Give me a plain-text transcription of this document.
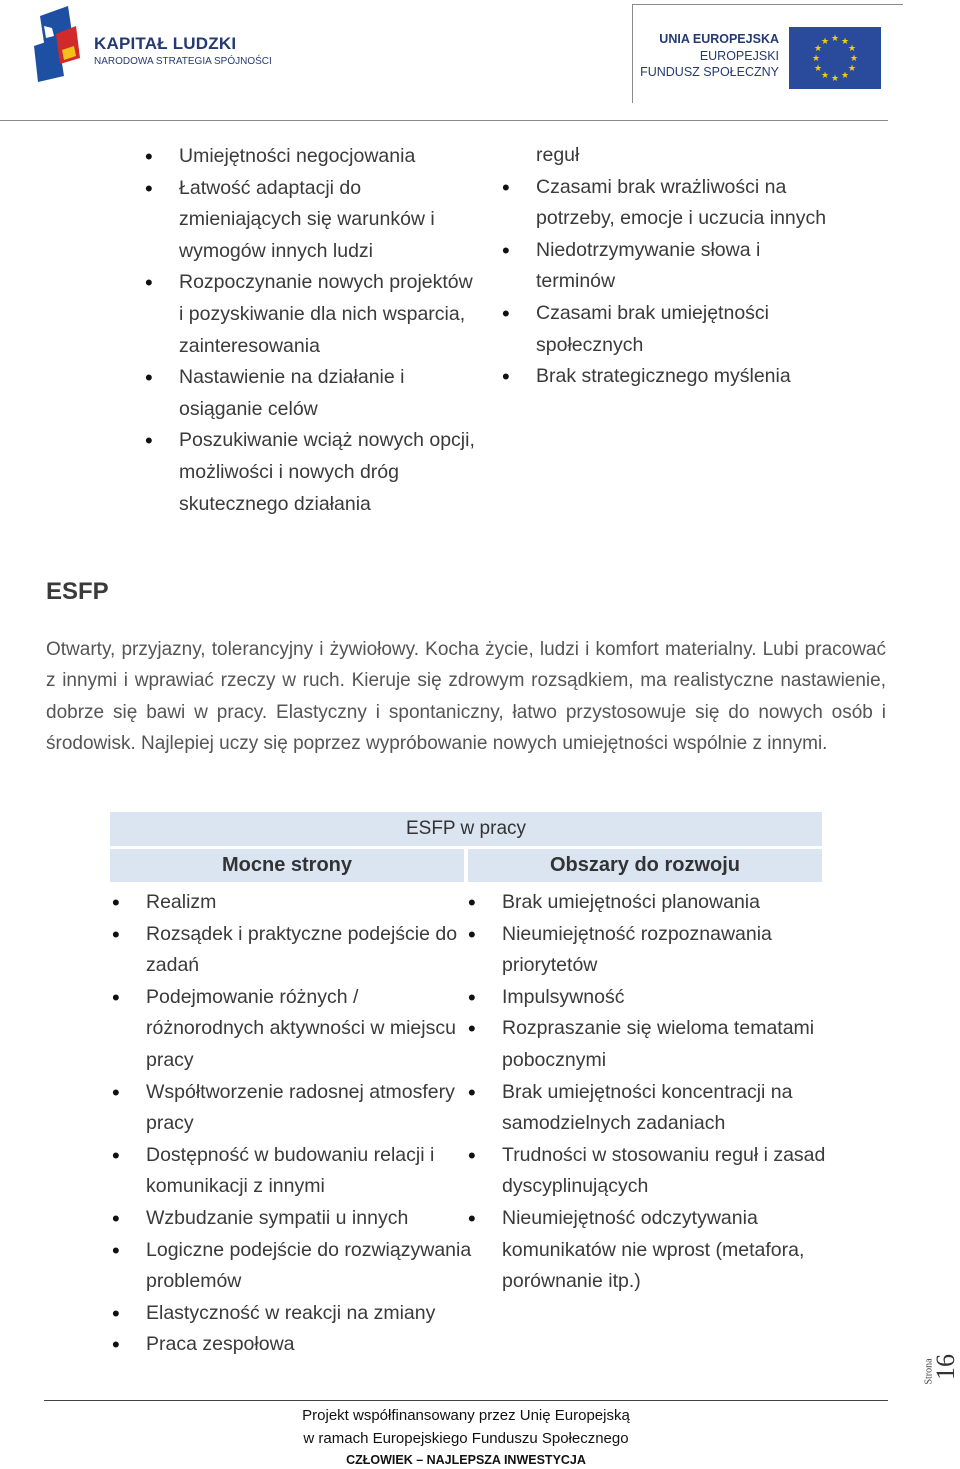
KAPITAŁ LUDZKI
NARODOWA STRATEGIA SPÓJNOŚCI
UNIA EUROPEJSKA
EUROPEJSKI
FUNDUSZ SPOŁECZNY
★ ★
★
★
★
★
★
★
★
★
★
★
• Umiejętności negocjowania
• Łatwość adaptacji do zmieniających się warunków i wymogów innych ludzi
• Rozpoczynanie nowych projektów i pozyskiwanie dla nich wsparcia, zainteresowania
• Nastawienie na działanie i osiąganie celów
• Poszukiwanie wciąż nowych opcji, możliwości i nowych dróg skutecznego działania
reguł
• Czasami brak wrażliwości na potrzeby, emocje i uczucia innych
• Niedotrzymywanie słowa i terminów
• Czasami brak umiejętności społecznych
• Brak strategicznego myślenia
ESFP
Otwarty, przyjazny, tolerancyjny i żywiołowy. Kocha życie, ludzi i komfort materialny. Lubi pracować z innymi i wprawiać rzeczy w ruch. Kieruje się zdrowym rozsądkiem, ma realistyczne nastawienie, dobrze się bawi w pracy. Elastyczny i spontaniczny, łatwo przystosowuje się do nowych osób i środowisk. Najlepiej uczy się poprzez wypróbowanie nowych umiejętności wspólnie z innymi.
ESFP w pracy
Mocne strony	Obszary do rozwoju
• Realizm
• Rozsądek i praktyczne podejście do zadań
• Podejmowanie różnych / różnorodnych aktywności w miejscu pracy
• Współtworzenie radosnej atmosfery pracy
• Dostępność w budowaniu relacji i komunikacji z innymi
• Wzbudzanie sympatii u innych
• Logiczne podejście do rozwiązywania problemów
• Elastyczność w reakcji na zmiany
• Praca zespołowa
• Brak umiejętności planowania
• Nieumiejętność rozpoznawania priorytetów
• Impulsywność
• Rozpraszanie się wieloma tematami pobocznymi
• Brak umiejętności koncentracji na samodzielnych zadaniach
• Trudności w stosowaniu reguł i zasad dyscyplinujących
• Nieumiejętność odczytywania komunikatów nie wprost (metafora, porównanie itp.)
Strona
16
Projekt współfinansowany przez Unię Europejską
w ramach Europejskiego Funduszu Społecznego
CZŁOWIEK – NAJLEPSZA INWESTYCJA
